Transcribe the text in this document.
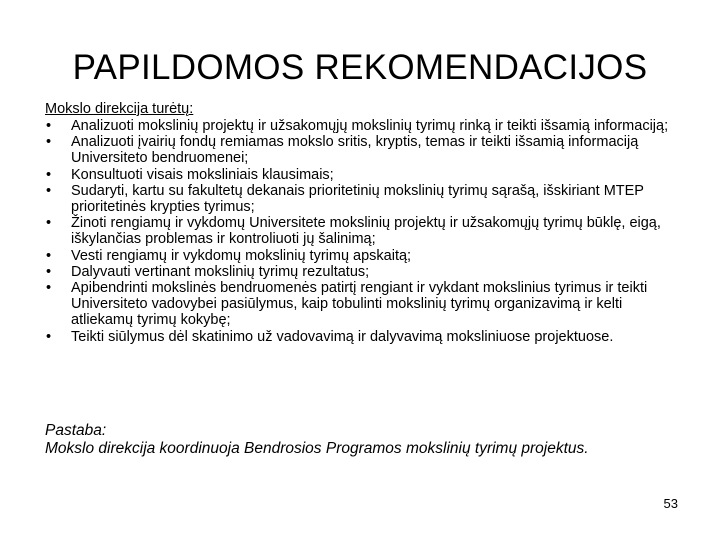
PAPILDOMOS REKOMENDACIJOS
Mokslo direkcija turėtų:
• Analizuoti mokslinių projektų ir užsakomųjų mokslinių tyrimų rinką ir teikti išsamią informaciją;
• Analizuoti įvairių fondų remiamas mokslo sritis, kryptis, temas ir teikti išsamią informaciją Universiteto bendruomenei;
• Konsultuoti visais moksliniais klausimais;
• Sudaryti, kartu su fakultetų dekanais prioritetinių mokslinių tyrimų sąrašą, išskiriant MTEP prioritetinės krypties tyrimus;
• Žinoti rengiamų ir vykdomų Universitete mokslinių projektų ir užsakomųjų tyrimų būklę, eigą, iškylančias problemas ir kontroliuoti jų šalinimą;
• Vesti rengiamų ir vykdomų mokslinių tyrimų apskaitą;
• Dalyvauti vertinant mokslinių tyrimų rezultatus;
• Apibendrinti mokslinės bendruomenės patirtį rengiant ir vykdant mokslinius tyrimus ir teikti Universiteto vadovybei pasiūlymus, kaip tobulinti mokslinių tyrimų organizavimą ir kelti atliekamų tyrimų kokybę;
• Teikti siūlymus dėl skatinimo už vadovavimą ir dalyvavimą moksliniuose projektuose.
Pastaba:
Mokslo direkcija koordinuoja Bendrosios Programos mokslinių tyrimų projektus.
53
